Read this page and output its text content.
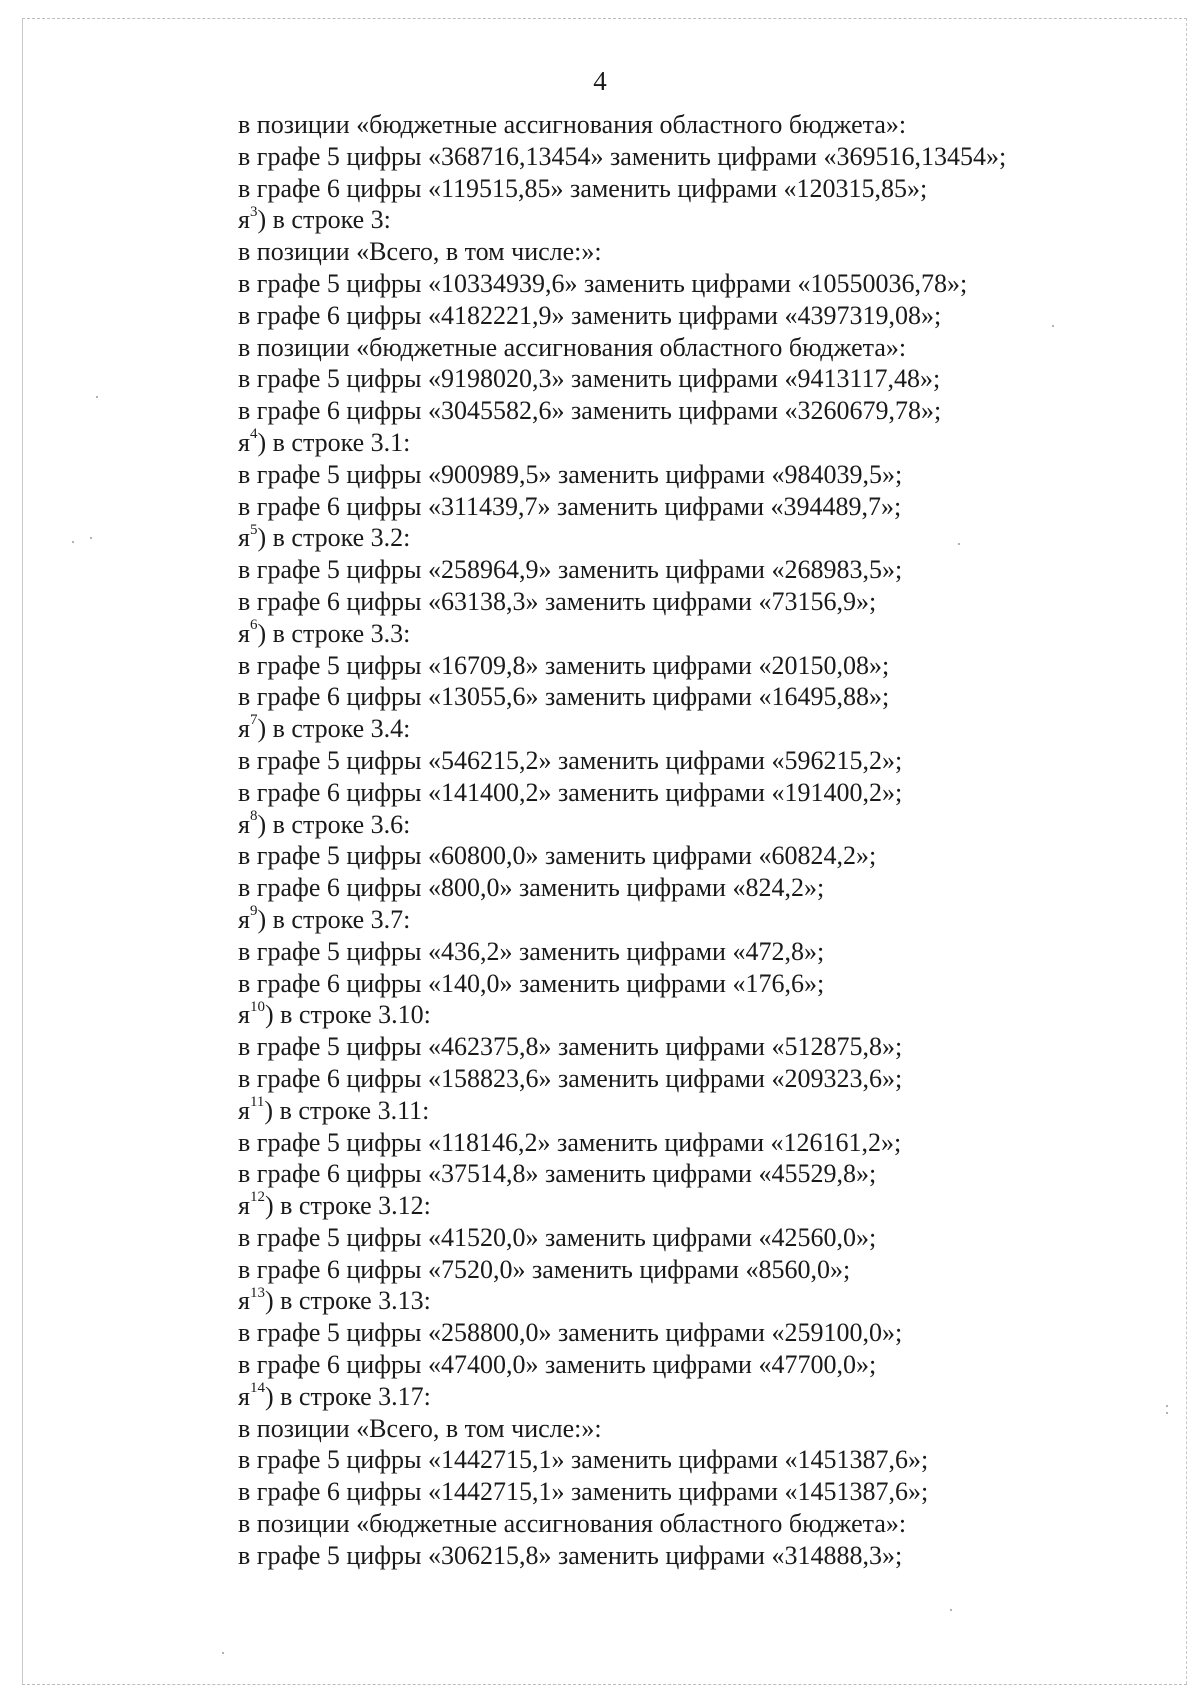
4
в позиции «бюджетные ассигнования областного бюджета»:
в графе 5 цифры «368716,13454» заменить цифрами «369516,13454»;
в графе 6 цифры «119515,85» заменить цифрами «120315,85»;
$я^3$) в строке 3:
в позиции «Всего, в том числе:»:
в графе 5 цифры «10334939,6» заменить цифрами «10550036,78»;
в графе 6 цифры «4182221,9» заменить цифрами «4397319,08»;
в позиции «бюджетные ассигнования областного бюджета»:
в графе 5 цифры «9198020,3» заменить цифрами «9413117,48»;
в графе 6 цифры «3045582,6» заменить цифрами «3260679,78»;
$я^4$) в строке 3.1:
в графе 5 цифры «900989,5» заменить цифрами «984039,5»;
в графе 6 цифры «311439,7» заменить цифрами «394489,7»;
$я^5$) в строке 3.2:
в графе 5 цифры «258964,9» заменить цифрами «268983,5»;
в графе 6 цифры «63138,3» заменить цифрами «73156,9»;
$я^6$) в строке 3.3:
в графе 5 цифры «16709,8» заменить цифрами «20150,08»;
в графе 6 цифры «13055,6» заменить цифрами «16495,88»;
$я^7$) в строке 3.4:
в графе 5 цифры «546215,2» заменить цифрами «596215,2»;
в графе 6 цифры «141400,2» заменить цифрами «191400,2»;
$я^8$) в строке 3.6:
в графе 5 цифры «60800,0» заменить цифрами «60824,2»;
в графе 6 цифры «800,0» заменить цифрами «824,2»;
$я^9$) в строке 3.7:
в графе 5 цифры «436,2» заменить цифрами «472,8»;
в графе 6 цифры «140,0» заменить цифрами «176,6»;
$я^{10}$) в строке 3.10:
в графе 5 цифры «462375,8» заменить цифрами «512875,8»;
в графе 6 цифры «158823,6» заменить цифрами «209323,6»;
$я^{11}$) в строке 3.11:
в графе 5 цифры «118146,2» заменить цифрами «126161,2»;
в графе 6 цифры «37514,8» заменить цифрами «45529,8»;
$я^{12}$) в строке 3.12:
в графе 5 цифры «41520,0» заменить цифрами «42560,0»;
в графе 6 цифры «7520,0» заменить цифрами «8560,0»;
$я^{13}$) в строке 3.13:
в графе 5 цифры «258800,0» заменить цифрами «259100,0»;
в графе 6 цифры «47400,0» заменить цифрами «47700,0»;
$я^{14}$) в строке 3.17:
в позиции «Всего, в том числе:»:
в графе 5 цифры «1442715,1» заменить цифрами «1451387,6»;
в графе 6 цифры «1442715,1» заменить цифрами «1451387,6»;
в позиции «бюджетные ассигнования областного бюджета»:
в графе 5 цифры «306215,8» заменить цифрами «314888,3»;
